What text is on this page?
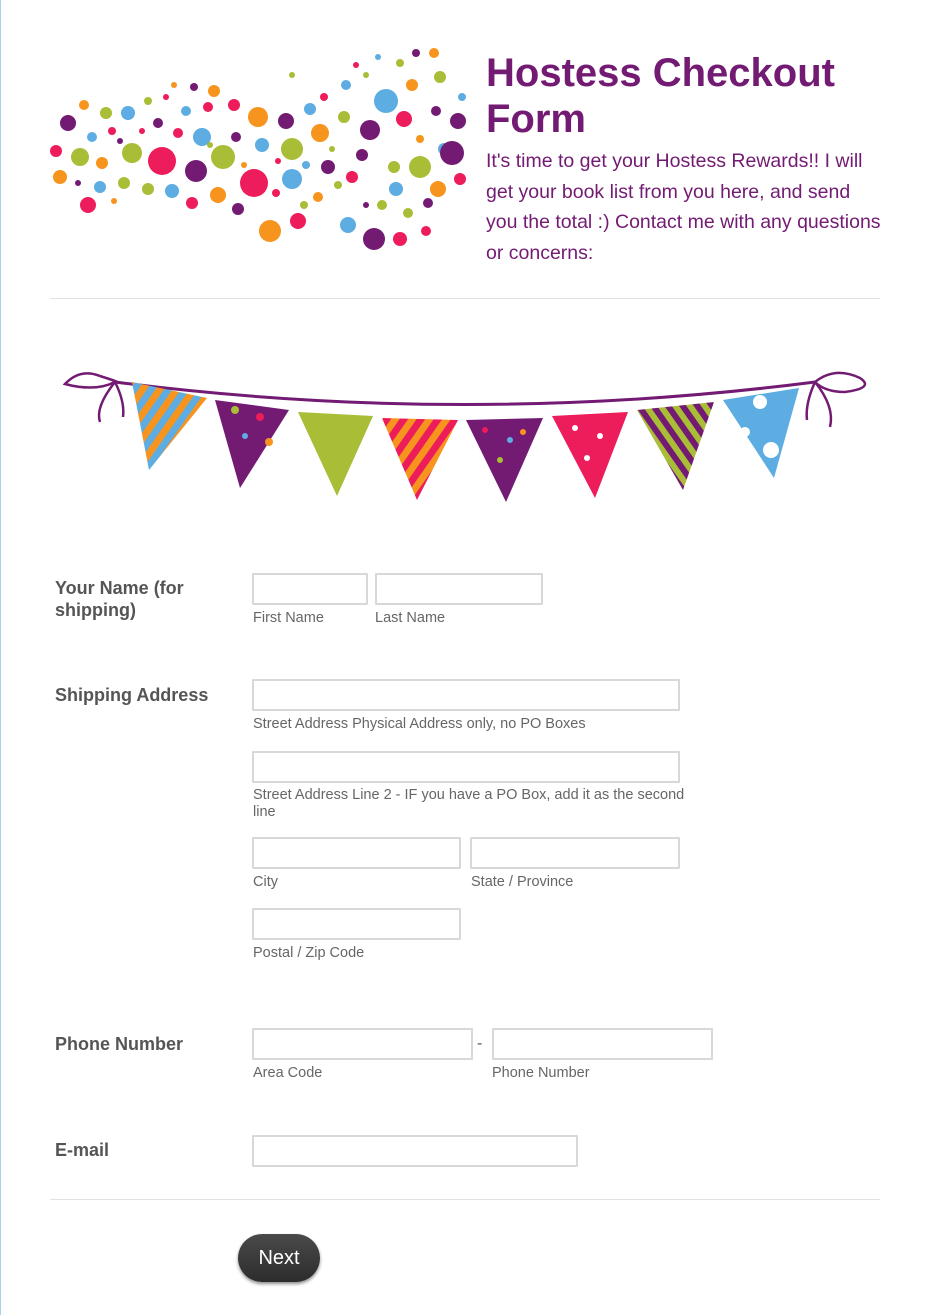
Hostess Checkout Form

It's time to get your Hostess Rewards!! I will get your book list from you here, and send you the total :) Contact me with any questions or concerns:

Your Name (for shipping)	First Name	Last Name
Shipping Address
Street Address Physical Address only, no PO Boxes
Street Address Line 2 - IF you have a PO Box, add it as the second line
City	State / Province
Postal / Zip Code
Phone Number	-
Area Code	Phone Number
E-mail
Next
